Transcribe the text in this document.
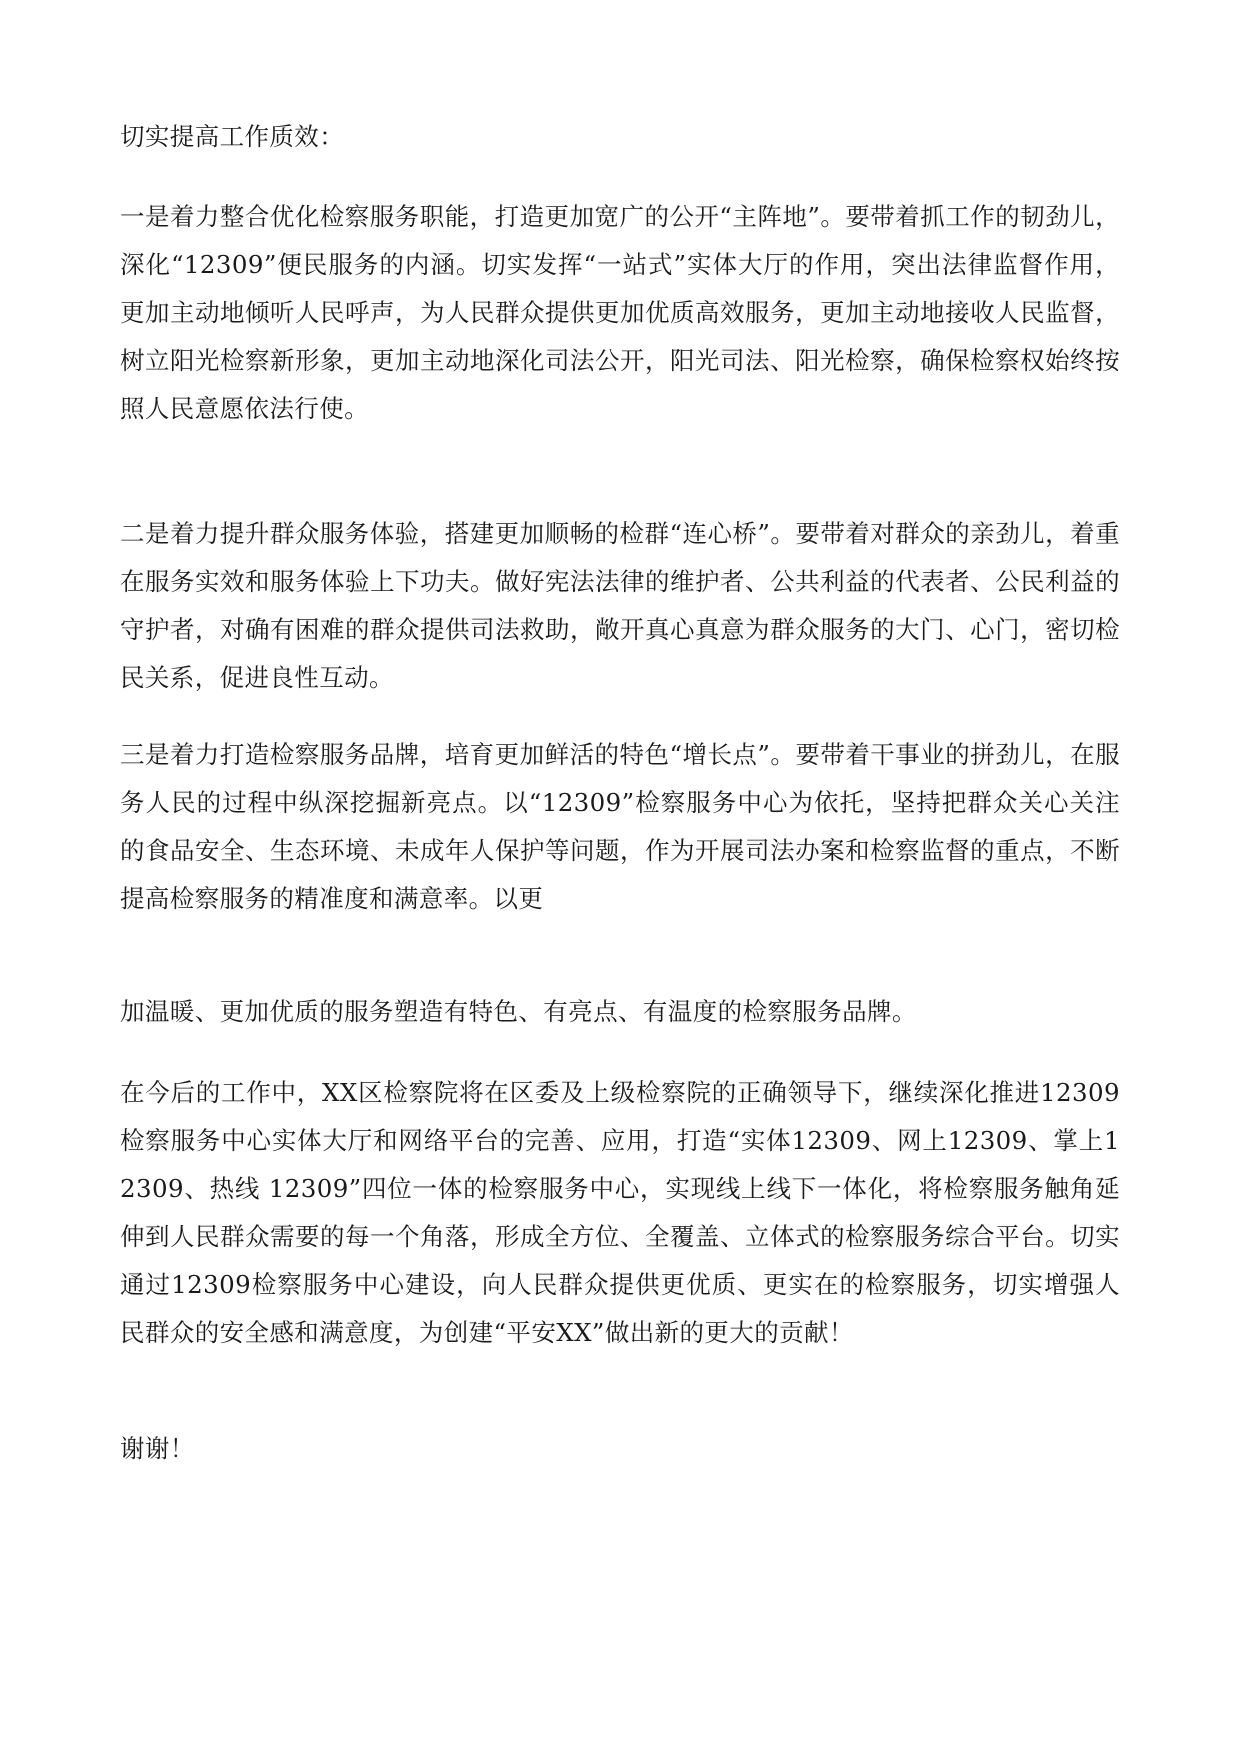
切实提高工作质效：

一是着力整合优化检察服务职能，打造更加宽广的公开“主阵地”。要带着抓工作的韧劲儿，深化“12309”便民服务的内涵。切实发挥“一站式”实体大厅的作用，突出法律监督作用，更加主动地倾听人民呼声，为人民群众提供更加优质高效服务，更加主动地接收人民监督，树立阳光检察新形象，更加主动地深化司法公开，阳光司法、阳光检察，确保检察权始终按照人民意愿依法行使。

二是着力提升群众服务体验，搭建更加顺畅的检群“连心桥”。要带着对群众的亲劲儿，着重在服务实效和服务体验上下功夫。做好宪法法律的维护者、公共利益的代表者、公民利益的守护者，对确有困难的群众提供司法救助，敞开真心真意为群众服务的大门、心门，密切检民关系，促进良性互动。

三是着力打造检察服务品牌，培育更加鲜活的特色“增长点”。要带着干事业的拼劲儿，在服务人民的过程中纵深挖掘新亮点。以“12309”检察服务中心为依托，坚持把群众关心关注的食品安全、生态环境、未成年人保护等问题，作为开展司法办案和检察监督的重点，不断提高检察服务的精准度和满意率。以更

加温暖、更加优质的服务塑造有特色、有亮点、有温度的检察服务品牌。

在今后的工作中，XX区检察院将在区委及上级检察院的正确领导下，继续深化推进12309检察服务中心实体大厅和网络平台的完善、应用，打造“实体12309、网上12309、掌上12309、热线 12309”四位一体的检察服务中心，实现线上线下一体化，将检察服务触角延伸到人民群众需要的每一个角落，形成全方位、全覆盖、立体式的检察服务综合平台。切实通过12309检察服务中心建设，向人民群众提供更优质、更实在的检察服务，切实增强人民群众的安全感和满意度，为创建“平安XX”做出新的更大的贡献！

谢谢！
